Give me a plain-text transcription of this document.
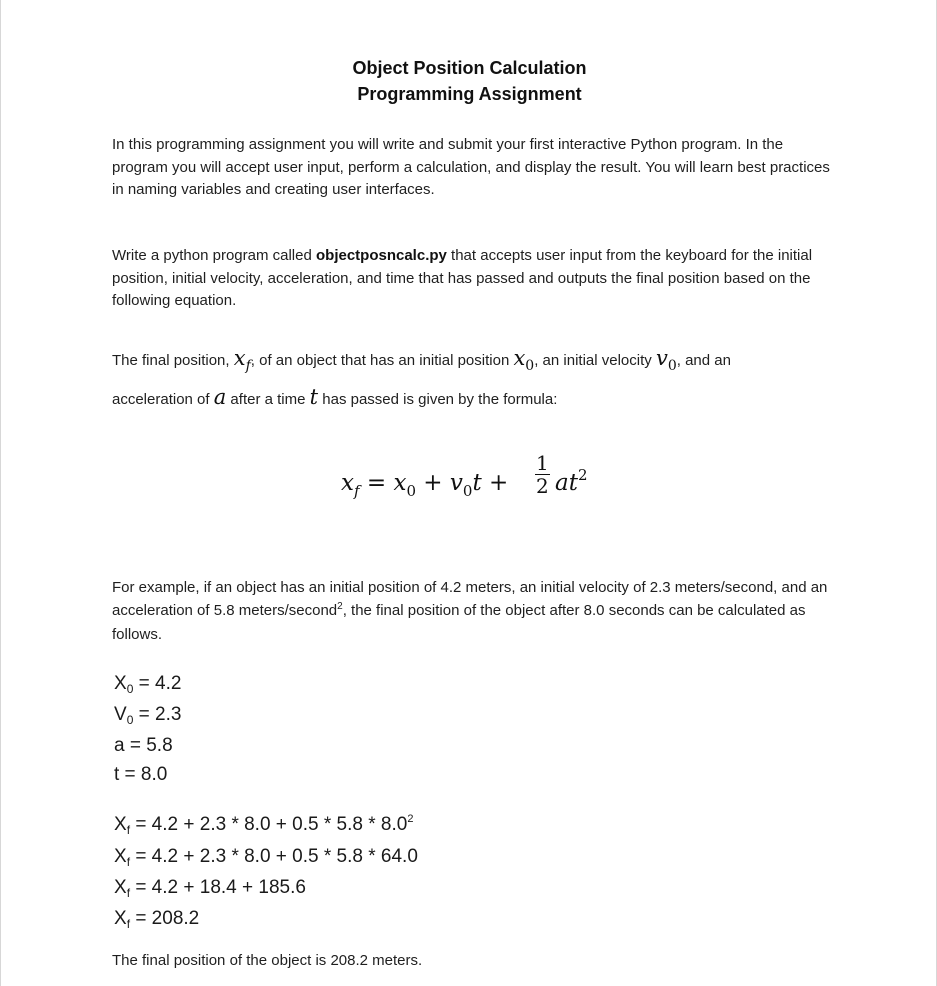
Object Position Calculation
Programming Assignment
In this programming assignment you will write and submit your first interactive Python program. In the program you will accept user input, perform a calculation, and display the result. You will learn best practices in naming variables and creating user interfaces.
Write a python program called objectposncalc.py that accepts user input from the keyboard for the initial position, initial velocity, acceleration, and time that has passed and outputs the final position based on the following equation.
The final position, $x_f$, of an object that has an initial position $x_0$, an initial velocity $v_0$, and an
acceleration of a after a time t has passed is given by the formula:
$x_f = x_0 + v_0t$ +
1
2 $at^2$
For example, if an object has an initial position of 4.2 meters, an initial velocity of 2.3 meters/second, and an acceleration of 5.8 meters/second$^2$, the final position of the object after 8.0 seconds can be calculated as follows.
$X_0 = 4.2$
$V_0 = 2.3$
a = 5.8
t = 8.0
$X_f = 4.2 + 2.3 * 8.0 + 0.5 * 5.8 * 8.0^2$
$X_f = 4.2 + 2.3 * 8.0 + 0.5 * 5.8 * 64.0$
$X_f = 4.2 + 18.4 + 185.6$
$X_f = 208.2$
The final position of the object is 208.2 meters.
